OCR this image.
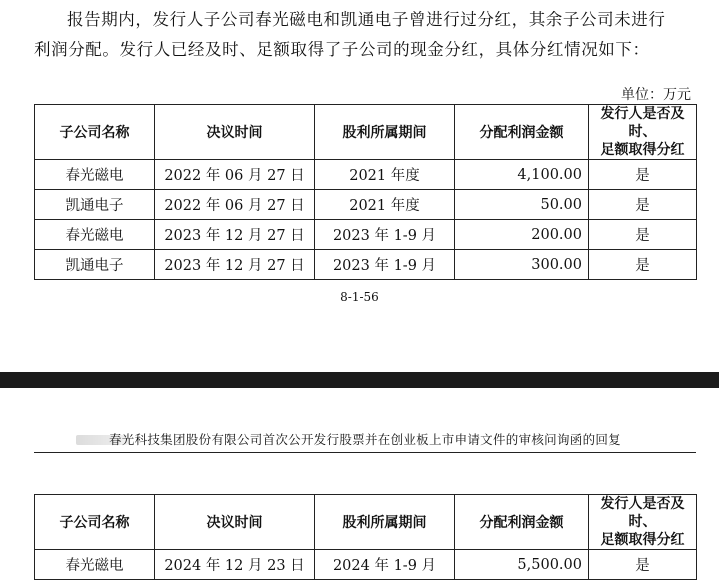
报告期内，发行人子公司春光磁电和凯通电子曾进行过分红，其余子公司未进行
利润分配。发行人已经及时、足额取得了子公司的现金分红，具体分红情况如下：
单位：万元
子公司名称	决议时间	股利所属期间	分配利润金额	发行人是否及时、
足额取得分红
春光磁电	2022 年 06 月 27 日	2021 年度	4,100.00	是
凯通电子	2022 年 06 月 27 日	2021 年度	50.00	是
春光磁电	2023 年 12 月 27 日	2023 年 1-9 月	200.00	是
凯通电子	2023 年 12 月 27 日	2023 年 1-9 月	300.00	是
8-1-56
春光科技集团股份有限公司首次公开发行股票并在创业板上市申请文件的审核问询函的回复
子公司名称	决议时间	股利所属期间	分配利润金额	发行人是否及时、
足额取得分红
春光磁电	2024 年 12 月 23 日	2024 年 1-9 月	5,500.00	是
